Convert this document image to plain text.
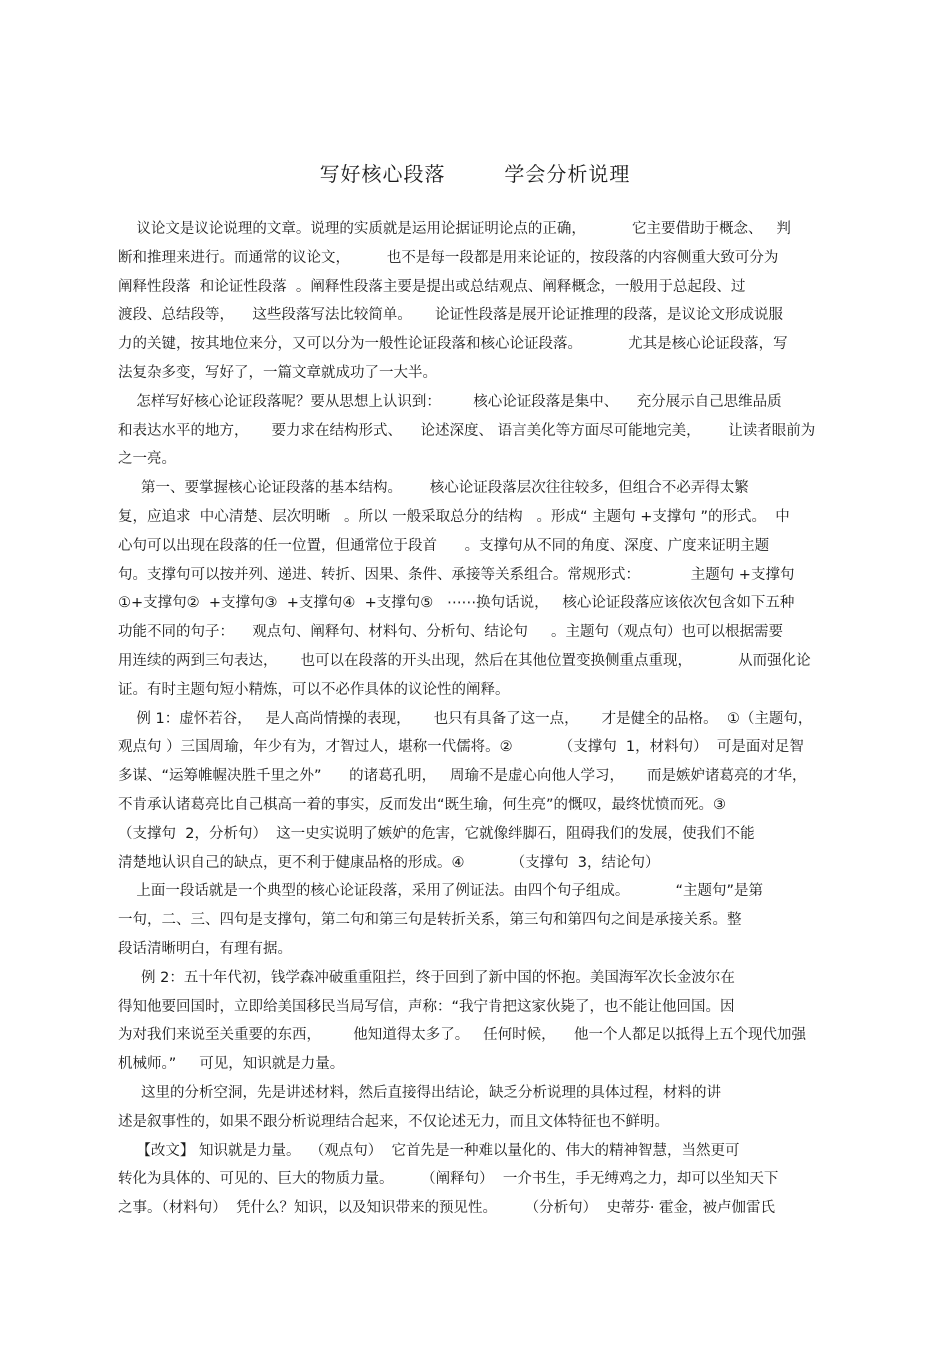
写好核心段落        学会分析说理
议论文是议论说理的文章。说理的实质就是运用论据证明论点的正确，          它主要借助于概念、   判
断和推理来进行。而通常的议论文，        也不是每一段都是用来论证的，按段落的内容侧重大致可分为
阐释性段落  和论证性段落  。阐释性段落主要是提出或总结观点、阐释概念，一般用于总起段、过
渡段、总结段等，    这些段落写法比较简单。     论证性段落是展开论证推理的段落，是议论文形成说服
力的关键，按其地位来分，又可以分为一般性论证段落和核心论证段落。          尤其是核心论证段落，写
法复杂多变，写好了，一篇文章就成功了一大半。
怎样写好核心论证段落呢？要从思想上认识到：       核心论证段落是集中、    充分展示自己思维品质
和表达水平的地方，     要力求在结构形式、    论述深度、 语言美化等方面尽可能地完美，      让读者眼前为
之一亮。
第一、要掌握核心论证段落的基本结构。      核心论证段落层次往往较多，但组合不必弄得太繁
复，应追求  中心清楚、层次明晰   。所以 一般采取总分的结构   。形成“ 主题句 +支撑句 ”的形式。  中
心句可以出现在段落的任一位置，但通常位于段首      。支撑句从不同的角度、深度、广度来证明主题
句。支撑句可以按并列、递进、转折、因果、条件、承接等关系组合。常规形式：           主题句 +支撑句
①+支撑句②  +支撑句③  +支撑句④  +支撑句⑤   ⋯⋯换句话说，   核心论证段落应该依次包含如下五种
功能不同的句子：    观点句、阐释句、材料句、分析句、结论句     。主题句（观点句）也可以根据需要
用连续的两到三句表达，     也可以在段落的开头出现，然后在其他位置变换侧重点重现，          从而强化论
证。有时主题句短小精炼，可以不必作具体的议论性的阐释。
例 1：虚怀若谷，   是人高尚情操的表现，     也只有具备了这一点，     才是健全的品格。  ①（主题句，
观点句 ）三国周瑜，年少有为，才智过人，堪称一代儒将。②          （支撑句  1，材料句）  可是面对足智
多谋、“运筹帷幄决胜千里之外”      的诸葛孔明，   周瑜不是虚心向他人学习，     而是嫉妒诸葛亮的才华，
不肯承认诸葛亮比自己棋高一着的事实，反而发出“既生瑜，何生亮”的慨叹，最终忧愤而死。③
（支撑句  2，分析句）  这一史实说明了嫉妒的危害，它就像绊脚石，阻碍我们的发展，使我们不能
清楚地认识自己的缺点，更不利于健康品格的形成。④          （支撑句  3，结论句）
上面一段话就是一个典型的核心论证段落，采用了例证法。由四个句子组成。          “主题句”是第
一句，二、三、四句是支撑句，第二句和第三句是转折关系，第三句和第四句之间是承接关系。整
段话清晰明白，有理有据。
例 2：五十年代初，钱学森冲破重重阻拦，终于回到了新中国的怀抱。美国海军次长金波尔在
得知他要回国时，立即给美国移民当局写信，声称：“我宁肯把这家伙毙了，也不能让他回国。因
为对我们来说至关重要的东西，       他知道得太多了。   任何时候，    他一个人都足以抵得上五个现代加强
机械师。”     可见，知识就是力量。
这里的分析空洞，先是讲述材料，然后直接得出结论，缺乏分析说理的具体过程，材料的讲
述是叙事性的，如果不跟分析说理结合起来，不仅论述无力，而且文体特征也不鲜明。
【改文】 知识就是力量。  （观点句）  它首先是一种难以量化的、伟大的精神智慧，当然更可
转化为具体的、可见的、巨大的物质力量。      （阐释句）  一介书生，手无缚鸡之力，却可以坐知天下
之事。（材料句）  凭什么？知识，以及知识带来的预见性。      （分析句）  史蒂芬· 霍金，被卢伽雷氏
